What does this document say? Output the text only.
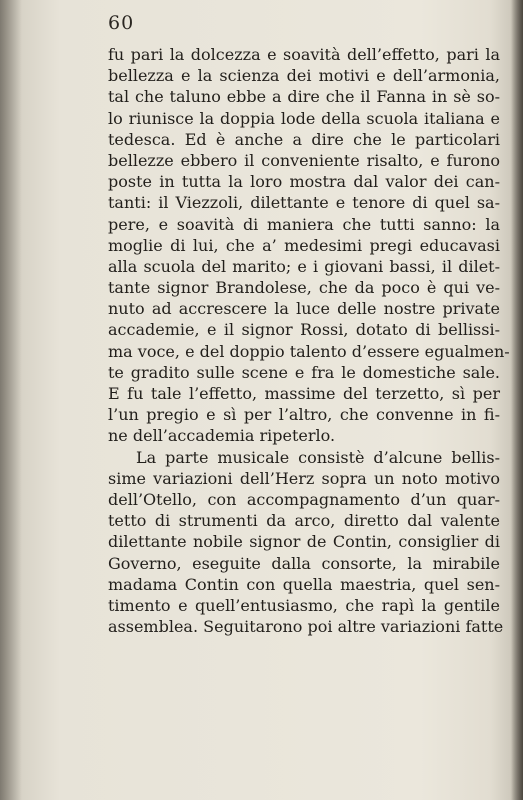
60
fu pari la dolcezza e soavità dell’effetto, pari la
bellezza e la scienza dei motivi e dell’armonia,
tal che taluno ebbe a dire che il Fanna in sè so-
lo riunisce la doppia lode della scuola italiana e
tedesca. Ed è anche a dire che le particolari
bellezze ebbero il conveniente risalto, e furono
poste in tutta la loro mostra dal valor dei can-
tanti: il Viezzoli, dilettante e tenore di quel sa-
pere, e soavità di maniera che tutti sanno: la
moglie di lui, che a’ medesimi pregi educavasi
alla scuola del marito; e i giovani bassi, il dilet-
tante signor Brandolese, che da poco è qui ve-
nuto ad accrescere la luce delle nostre private
accademie, e il signor Rossi, dotato di bellissi-
ma voce, e del doppio talento d’essere egualmen-
te gradito sulle scene e fra le domestiche sale.
E fu tale l’effetto, massime del terzetto, sì per
l’un pregio e sì per l’altro, che convenne in fi-
ne dell’accademia ripeterlo.
La parte musicale consistè d’alcune bellis-
sime variazioni dell’Herz sopra un noto motivo
dell’Otello, con accompagnamento d’un quar-
tetto di strumenti da arco, diretto dal valente
dilettante nobile signor de Contin, consiglier di
Governo, eseguite dalla consorte, la mirabile
madama Contin con quella maestria, quel sen-
timento e quell’entusiasmo, che rapì la gentile
assemblea. Seguitarono poi altre variazioni fatte
